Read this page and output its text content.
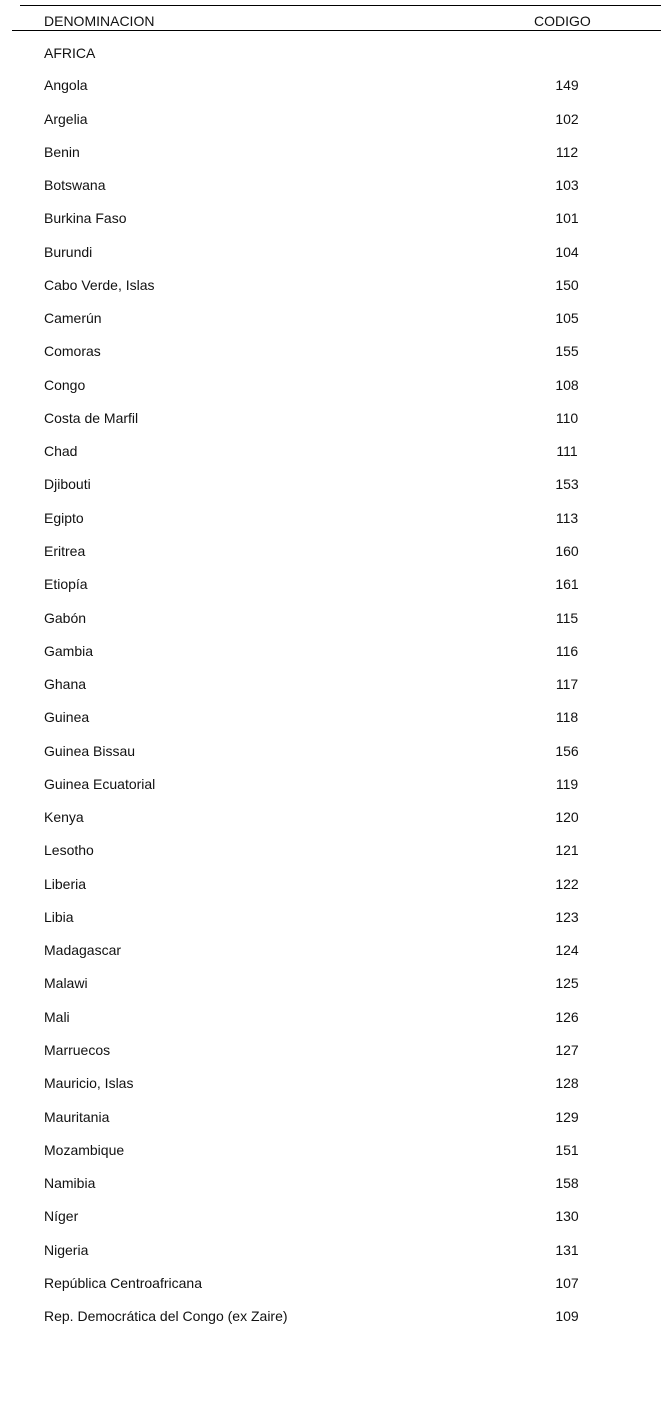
DENOMINACION	CODIGO
AFRICA
Angola	149
Argelia	102
Benin	112
Botswana	103
Burkina Faso	101
Burundi	104
Cabo Verde, Islas	150
Camerún	105
Comoras	155
Congo	108
Costa de Marfil	110
Chad	111
Djibouti	153
Egipto	113
Eritrea	160
Etiopía	161
Gabón	115
Gambia	116
Ghana	117
Guinea	118
Guinea Bissau	156
Guinea Ecuatorial	119
Kenya	120
Lesotho	121
Liberia	122
Libia	123
Madagascar	124
Malawi	125
Mali	126
Marruecos	127
Mauricio, Islas	128
Mauritania	129
Mozambique	151
Namibia	158
Níger	130
Nigeria	131
República Centroafricana	107
Rep. Democrática del Congo (ex Zaire)	109
